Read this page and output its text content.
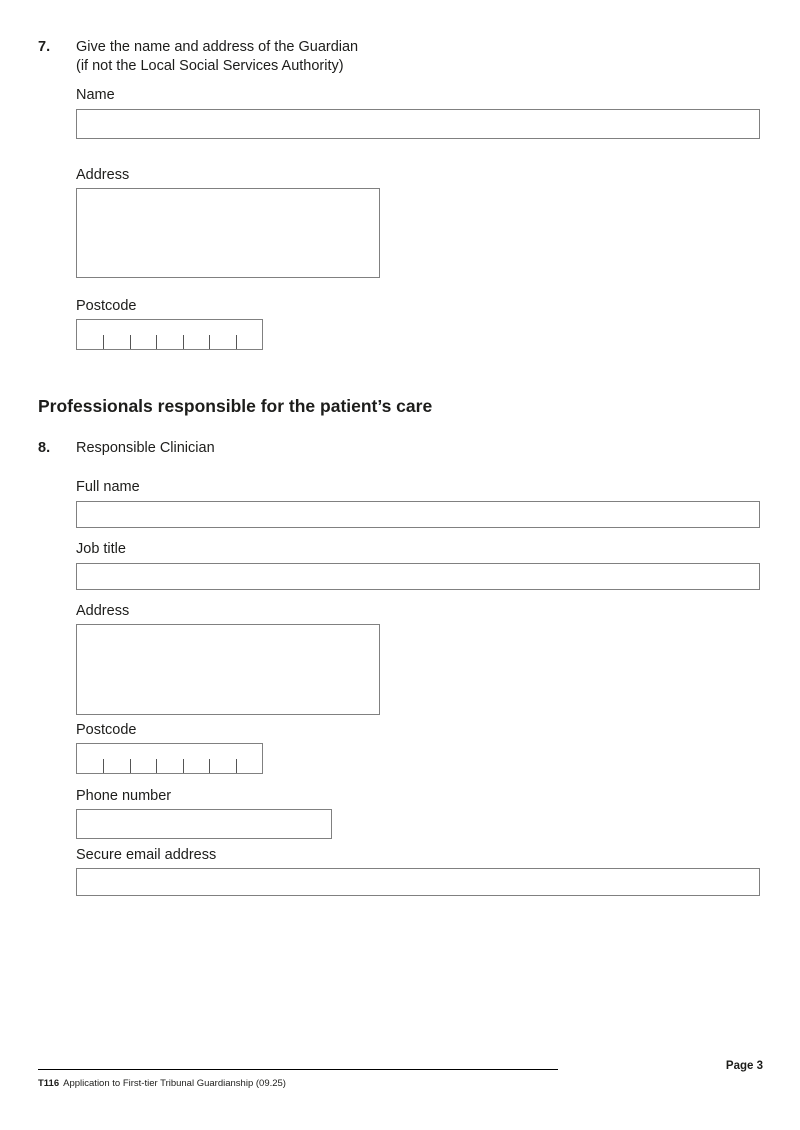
7.	Give the name and address of the Guardian
(if not the Local Social Services Authority)
Name
Address
Postcode
Professionals responsible for the patient’s care
8.	Responsible Clinician
Full name
Job title
Address
Postcode
Phone number
Secure email address
Page 3
T116 Application to First-tier Tribunal Guardianship (09.25)
